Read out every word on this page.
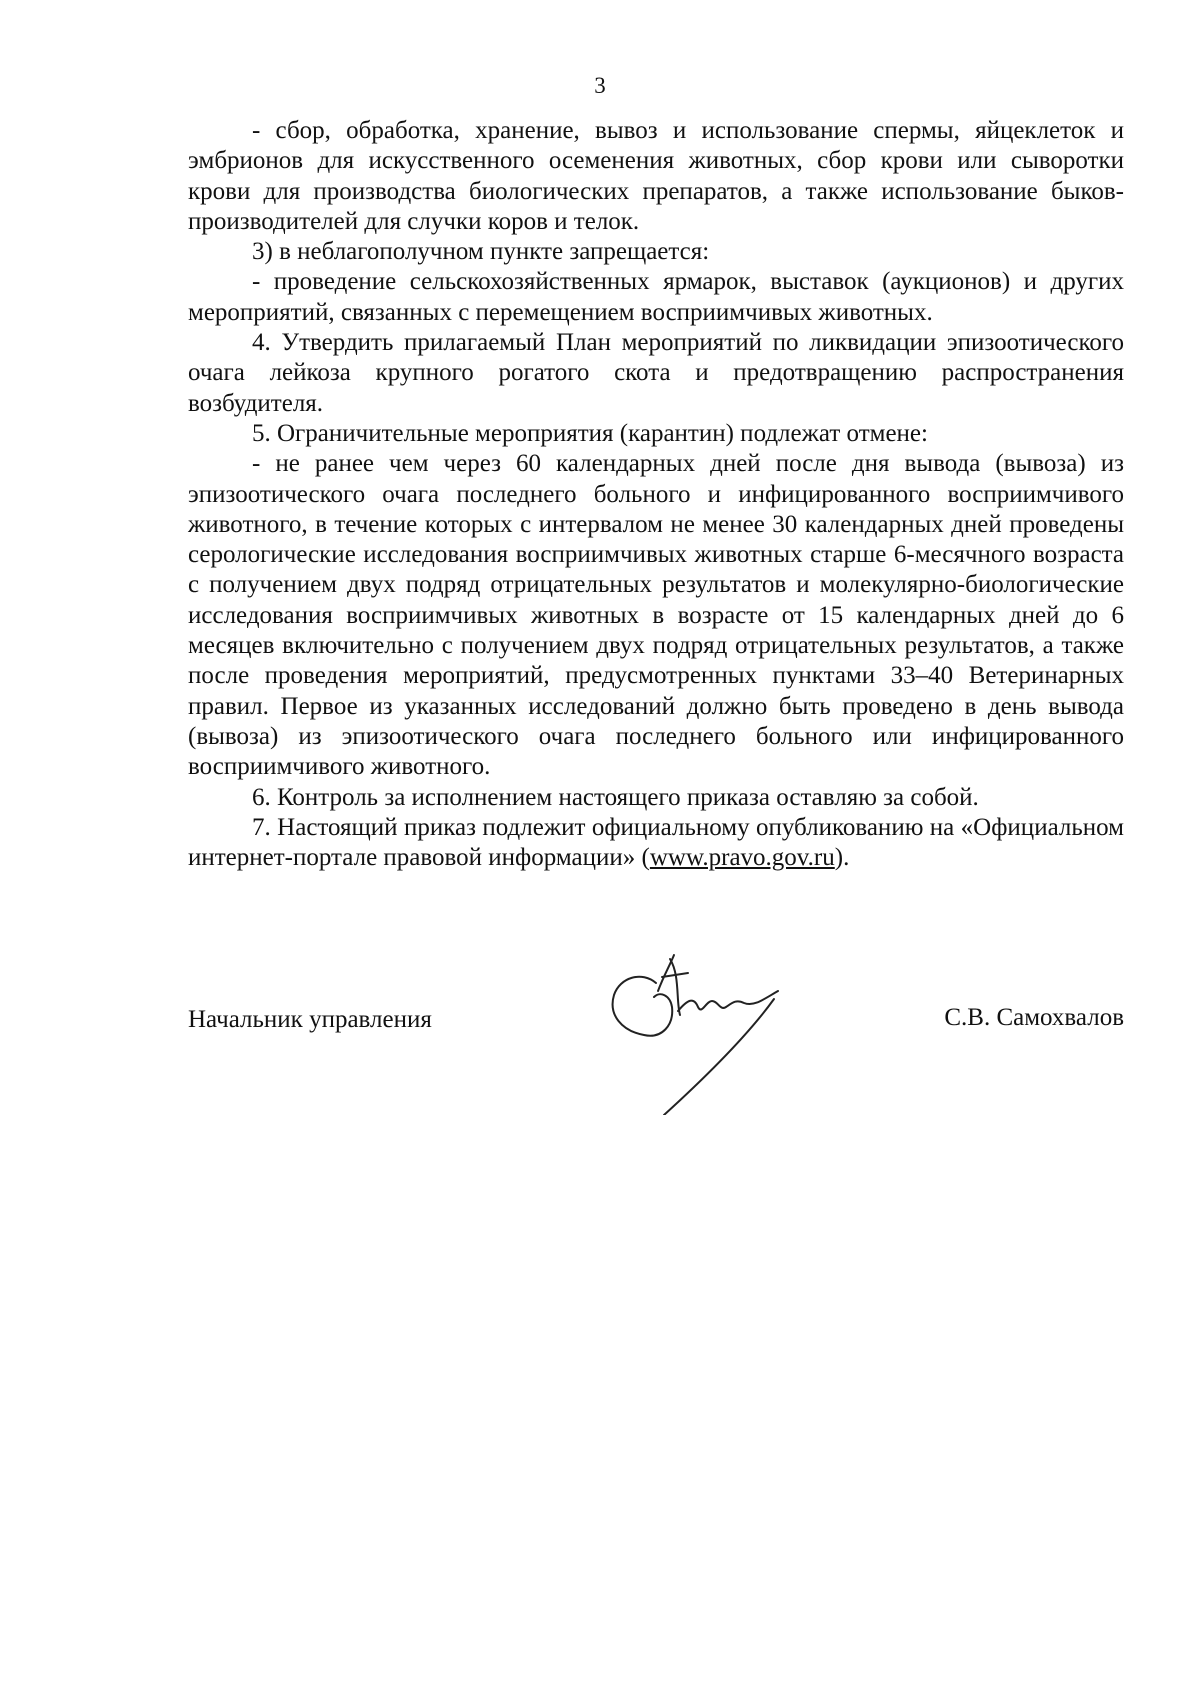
3

- сбор, обработка, хранение, вывоз и использование спермы, яйцеклеток и эмбрионов для искусственного осеменения животных, сбор крови или сыворотки крови для производства биологических препаратов, а также использование быков-производителей для случки коров и телок.

3) в неблагополучном пункте запрещается:

- проведение сельскохозяйственных ярмарок, выставок (аукционов) и других мероприятий, связанных с перемещением восприимчивых животных.

4. Утвердить прилагаемый План мероприятий по ликвидации эпизоотического очага лейкоза крупного рогатого скота и предотвращению распространения возбудителя.

5. Ограничительные мероприятия (карантин) подлежат отмене:

- не ранее чем через 60 календарных дней после дня вывода (вывоза) из эпизоотического очага последнего больного и инфицированного восприимчивого животного, в течение которых с интервалом не менее 30 календарных дней проведены серологические исследования восприимчивых животных старше 6-месячного возраста с получением двух подряд отрицательных результатов и молекулярно-биологические исследования восприимчивых животных в возрасте от 15 календарных дней до 6 месяцев включительно с получением двух подряд отрицательных результатов, а также после проведения мероприятий, предусмотренных пунктами 33–40 Ветеринарных правил. Первое из указанных исследований должно быть проведено в день вывода (вывоза) из эпизоотического очага последнего больного или инфицированного восприимчивого животного.

6. Контроль за исполнением настоящего приказа оставляю за собой.

7. Настоящий приказ подлежит официальному опубликованию на «Официальном интернет-портале правовой информации» (www.pravo.gov.ru).

Начальник управления	С.В. Самохвалов
